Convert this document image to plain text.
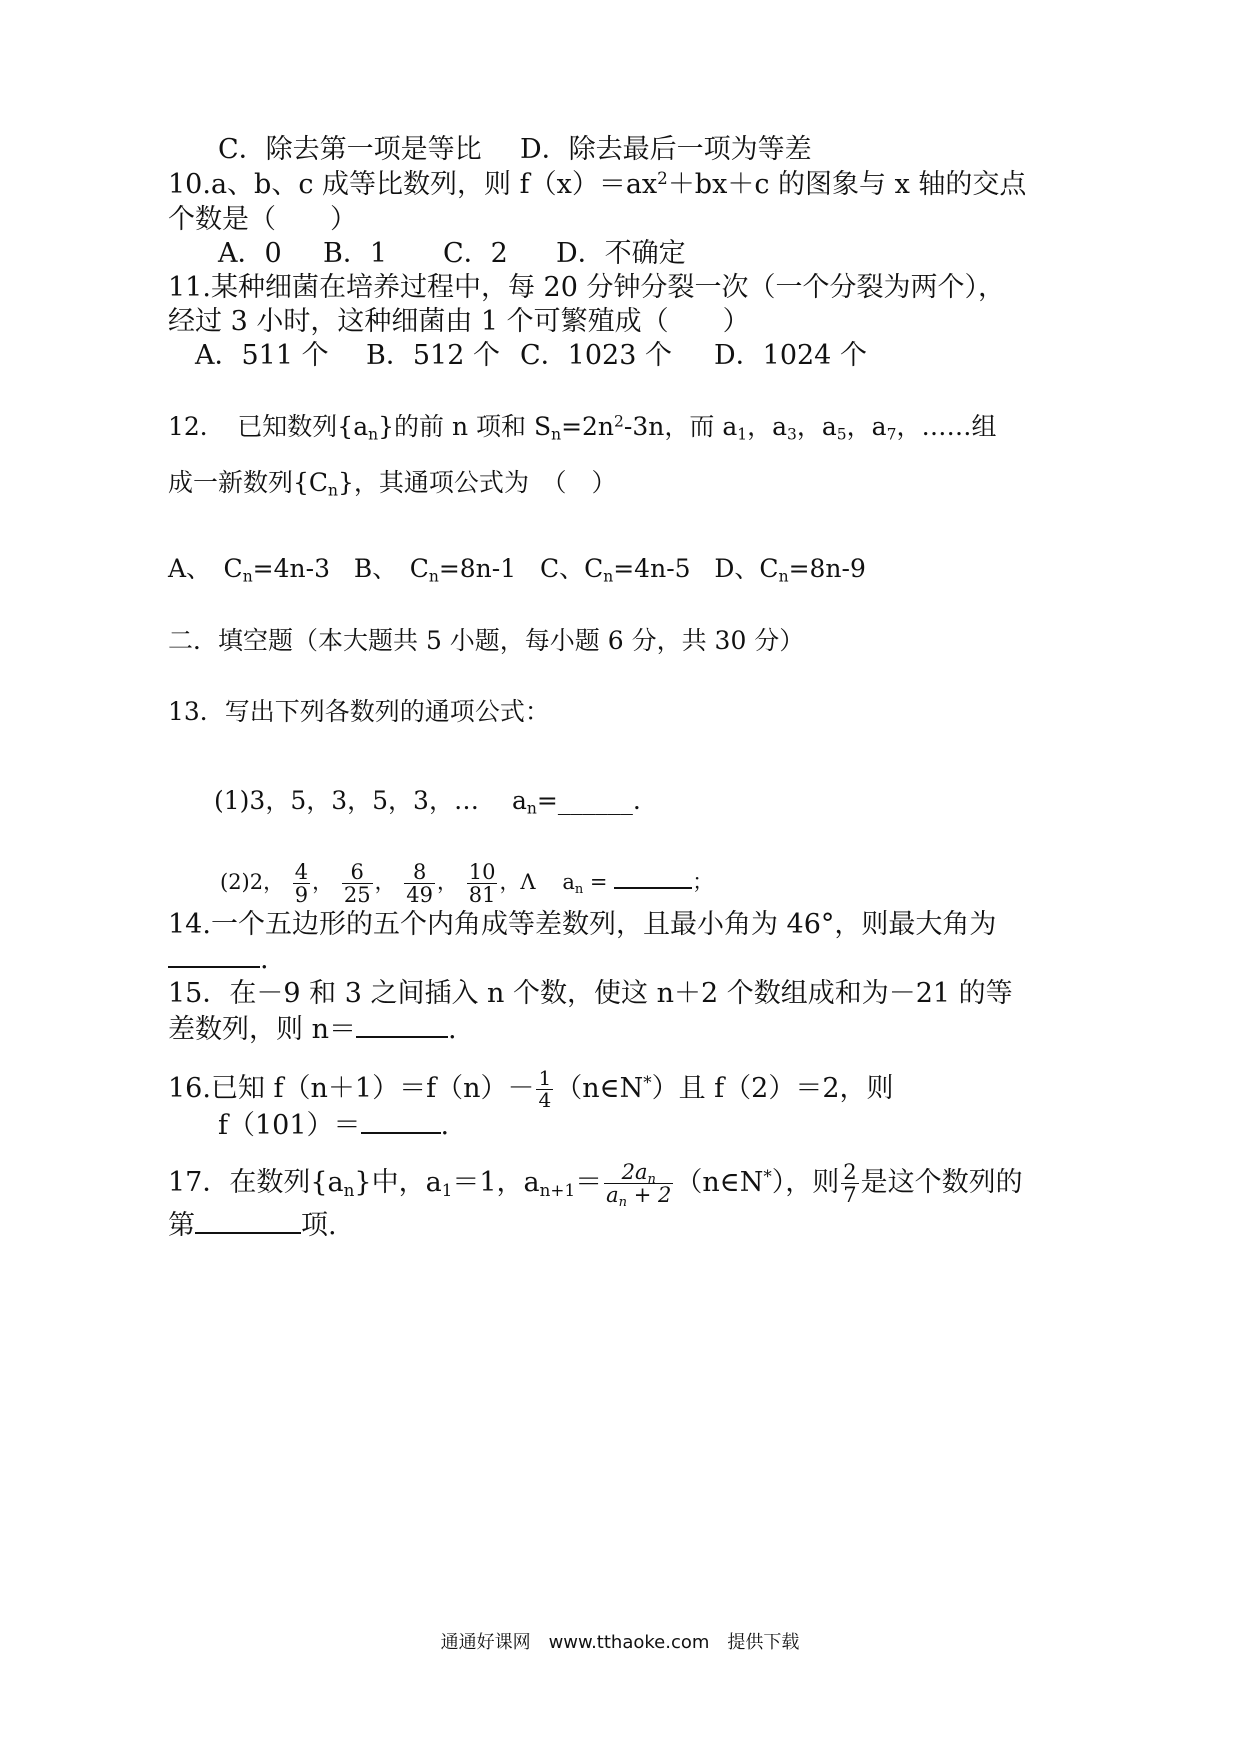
C．除去第一项是等比 D．除去最后一项为等差
10.a、b、c 成等比数列，则 $f(x)=ax^2+bx+c$ 的图象与 x 轴的交点
个数是（　　）
A．0 B．1 C．2 D．不确定
11.某种细菌在培养过程中，每 20 分钟分裂一次（一个分裂为两个），
经过 3 小时，这种细菌由 1 个可繁殖成（　　）
A．511 个 B．512 个 C．1023 个 D．1024 个
12．　已知数列$\{a_n\}$的前 n 项和 $S_n=2n^2-3n$，而 $a_1$，$a_3$，$a_5$，$a_7$，……组
成一新数列$\{C_n\}$，其通项公式为　（　）
A、　$C_n=4n-3$ B、　$C_n=8n-1$ C、$C_n=4n-5$ D、$C_n=8n-9$
二．填空题（本大题共 5 小题，每小题 6 分，共 30 分）
13．写出下列各数列的通项公式：
(1)3，5，3，5，3，… $a_n=\_\_\_\_\_\_$.
(2)2， $\frac{4}{9}$ ， $\frac{6}{25}$ ， $\frac{8}{49}$ ， $\frac{10}{81}$ ，Λ $a_n$ =	；
14.一个五边形的五个内角成等差数列，且最小角为 46°，则最大角为
.
15．在－9 和 3 之间插入 n 个数，使这 n＋2 个数组成和为－21 的等
差数列，则 n＝	.
16.已知 $f(n+1)=f(n)- \frac{1}{4}$ （n∈N*）且 f（2）＝2，则
f（101）＝	.
17．在数列$\{a_n\}$中，$a_1=1$，$a_{n+1}= \frac{2a_n}{a_n + 2}$ （n∈N*），则 $\frac{2}{7}$ 是这个数列的
第	项.
通通好课网　www.tthaoke.com　提供下载
